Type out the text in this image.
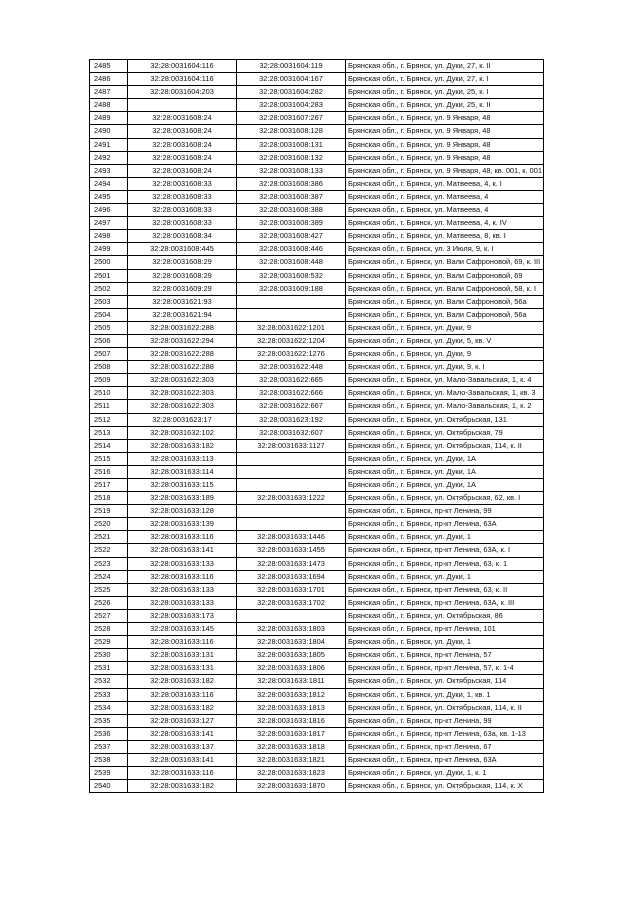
2485	32:28:0031604:116	32:28:0031604:119	Брянская обл., г. Брянск, ул. Дуки, 27, к. II
2486	32:28:0031604:116	32:28:0031604:167	Брянская обл., г. Брянск, ул. Дуки, 27, к. I
2487	32:28:0031604:203	32:28:0031604:282	Брянская обл., г. Брянск, ул. Дуки, 25, к. I
2488		32:28:0031604:283	Брянская обл., г. Брянск, ул. Дуки, 25, к. II
2489	32:28:0031608:24	32:28:0031607:267	Брянская обл., г. Брянск, ул. 9 Января, 48
2490	32:28:0031608:24	32:28:0031608:128	Брянская обл., г. Брянск, ул. 9 Января, 48
2491	32:28:0031608:24	32:28:0031608:131	Брянская обл., г. Брянск, ул. 9 Января, 48
2492	32:28:0031608:24	32:28:0031608:132	Брянская обл., г. Брянск, ул. 9 Января, 48
2493	32:28:0031608:24	32:28:0031608:133	Брянская обл., г. Брянск, ул. 9 Января, 48, кв. 001, к. 001
2494	32:28:0031608:33	32:28:0031608:386	Брянская обл., г. Брянск, ул. Матвеева, 4, к. I
2495	32:28:0031608:33	32:28:0031608:387	Брянская обл., г. Брянск, ул. Матвеева, 4
2496	32:28:0031608:33	32:28:0031608:388	Брянская обл., г. Брянск, ул. Матвеева, 4
2497	32:28:0031608:33	32:28:0031608:389	Брянская обл., г. Брянск, ул. Матвеева, 4, к. IV
2498	32:28:0031608:34	32:28:0031608:427	Брянская обл., г. Брянск, ул. Матвеева, 8, кв. I
2499	32:28:0031608:445	32:28:0031608:446	Брянская обл., г. Брянск, ул. 3 Июля, 9, к. I
2500	32:28:0031608:29	32:28:0031608:448	Брянская обл., г. Брянск, ул. Вали Сафроновой, 69, к. III
2501	32:28:0031608:29	32:28:0031608:532	Брянская обл., г. Брянск, ул. Вали Сафроновой, 69
2502	32:28:0031609:29	32:28:0031609:188	Брянская обл., г. Брянск, ул. Вали Сафроновой, 58, к. I
2503	32:28:0031621:93		Брянская обл., г. Брянск, ул. Вали Сафроновой, 56а
2504	32:28:0031621:94		Брянская обл., г. Брянск, ул. Вали Сафроновой, 56а
2505	32:28:0031622:288	32:28:0031622:1201	Брянская обл., г. Брянск, ул. Дуки, 9
2506	32:28:0031622:294	32:28:0031622:1204	Брянская обл., г. Брянск, ул. Дуки, 5, кв. V
2507	32:28:0031622:288	32:28:0031622:1276	Брянская обл., г. Брянск, ул. Дуки, 9
2508	32:28:0031622:288	32:28:0031622:448	Брянская обл., г. Брянск, ул. Дуки, 9, к. I
2509	32:28:0031622:303	32:28:0031622:665	Брянская обл., г. Брянск, ул. Мало-Завальская, 1, к. 4
2510	32:28:0031622:303	32:28:0031622:666	Брянская обл., г. Брянск, ул. Мало-Завальская, 1, кв. 3
2511	32:28:0031622:303	32:28:0031622:667	Брянская обл., г. Брянск, ул. Мало-Завальская, 1, к. 2
2512	32:28:0031623:17	32:28:0031623:192	Брянская обл., г. Брянск, ул. Октябрьская, 131
2513	32:28:0031632:102	32:28:0031632:607	Брянская обл., г. Брянск, ул. Октябрьская, 79
2514	32:28:0031633:182	32:28:0031633:1127	Брянская обл., г. Брянск, ул. Октябрьская, 114, к. II
2515	32:28:0031633:113		Брянская обл., г. Брянск, ул. Дуки, 1А
2516	32:28:0031633:114		Брянская обл., г. Брянск, ул. Дуки, 1А
2517	32:28:0031633:115		Брянская обл., г. Брянск, ул. Дуки, 1А
2518	32:28:0031633:189	32:28:0031633:1222	Брянская обл., г. Брянск, ул. Октябрьская, 62, кв. I
2519	32:28:0031633:128		Брянская обл., г. Брянск, пр-кт Ленина, 99
2520	32:28:0031633:139		Брянская обл., г. Брянск, пр-кт Ленина, 63А
2521	32:28:0031633:116	32:28:0031633:1446	Брянская обл., г. Брянск, ул. Дуки, 1
2522	32:28:0031633:141	32:28:0031633:1455	Брянская обл., г. Брянск, пр-кт Ленина, 63А, к. I
2523	32:28:0031633:133	32:28:0031633:1473	Брянская обл., г. Брянск, пр-кт Ленина, 63, к. 1
2524	32:28:0031633:116	32:28:0031633:1694	Брянская обл., г. Брянск, ул. Дуки, 1
2525	32:28:0031633:133	32:28:0031633:1701	Брянская обл., г. Брянск, пр-кт Ленина, 63, к. II
2526	32:28:0031633:133	32:28:0031633:1702	Брянская обл., г. Брянск, пр-кт Ленина, 63А, к. III
2527	32:28:0031633:173		Брянская обл., г. Брянск, ул. Октябрьская, 86
2528	32:28:0031633:145	32:28:0031633:1803	Брянская обл., г. Брянск, пр-кт Ленина, 101
2529	32:28:0031633:116	32:28:0031633:1804	Брянская обл., г. Брянск, ул. Дуки, 1
2530	32:28:0031633:131	32:28:0031633:1805	Брянская обл., г. Брянск, пр-кт Ленина, 57
2531	32:28:0031633:131	32:28:0031633:1806	Брянская обл., г. Брянск, пр-кт Ленина, 57, к. 1-4
2532	32:28:0031633:182	32:28:0031633:1811	Брянская обл., г. Брянск, ул. Октябрьская, 114
2533	32:28:0031633:116	32:28:0031633:1812	Брянская обл., г. Брянск, ул. Дуки, 1, кв. 1
2534	32:28:0031633:182	32:28:0031633:1813	Брянская обл., г. Брянск, ул. Октябрьская, 114, к. II
2535	32:28:0031633:127	32:28:0031633:1816	Брянская обл., г. Брянск, пр-кт Ленина, 99
2536	32:28:0031633:141	32:28:0031633:1817	Брянская обл., г. Брянск, пр-кт Ленина, 63а, кв. 1-13
2537	32:28:0031633:137	32:28:0031633:1818	Брянская обл., г. Брянск, пр-кт Ленина, 67
2538	32:28:0031633:141	32:28:0031633:1821	Брянская обл., г. Брянск, пр-кт Ленина, 63А
2539	32:28:0031633:116	32:28:0031633:1823	Брянская обл., г. Брянск, ул. Дуки, 1, к. 1
2540	32:28:0031633:182	32:28:0031633:1870	Брянская обл., г. Брянск, ул. Октябрьская, 114, к. X
